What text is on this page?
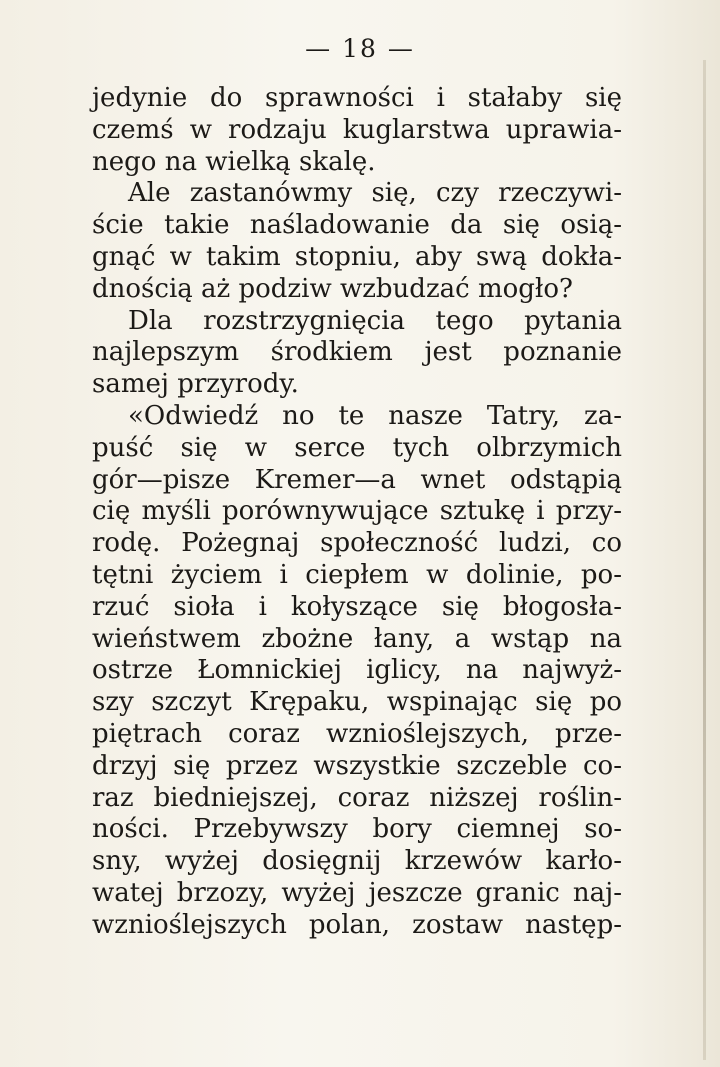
— 18 —
jedynie do sprawności i stałaby się
czemś w rodzaju kuglarstwa uprawia-
nego na wielką skalę.
Ale zastanówmy się, czy rzeczywi-
ście takie naśladowanie da się osią-
gnąć w takim stopniu, aby swą dokła-
dnością aż podziw wzbudzać mogło?
Dla rozstrzygnięcia tego pytania
najlepszym środkiem jest poznanie
samej przyrody.
«Odwiedź no te nasze Tatry, za-
puść się w serce tych olbrzymich
gór—pisze Kremer—a wnet odstąpią
cię myśli porównywujące sztukę i przy-
rodę. Pożegnaj społeczność ludzi, co
tętni życiem i ciepłem w dolinie, po-
rzuć sioła i kołyszące się błogosła-
wieństwem zbożne łany, a wstąp na
ostrze Łomnickiej iglicy, na najwyż-
szy szczyt Krępaku, wspinając się po
piętrach coraz wznioślejszych, prze-
drzyj się przez wszystkie szczeble co-
raz biedniejszej, coraz niższej roślin-
ności. Przebywszy bory ciemnej so-
sny, wyżej dosięgnij krzewów karło-
watej brzozy, wyżej jeszcze granic naj-
wznioślejszych polan, zostaw następ-
